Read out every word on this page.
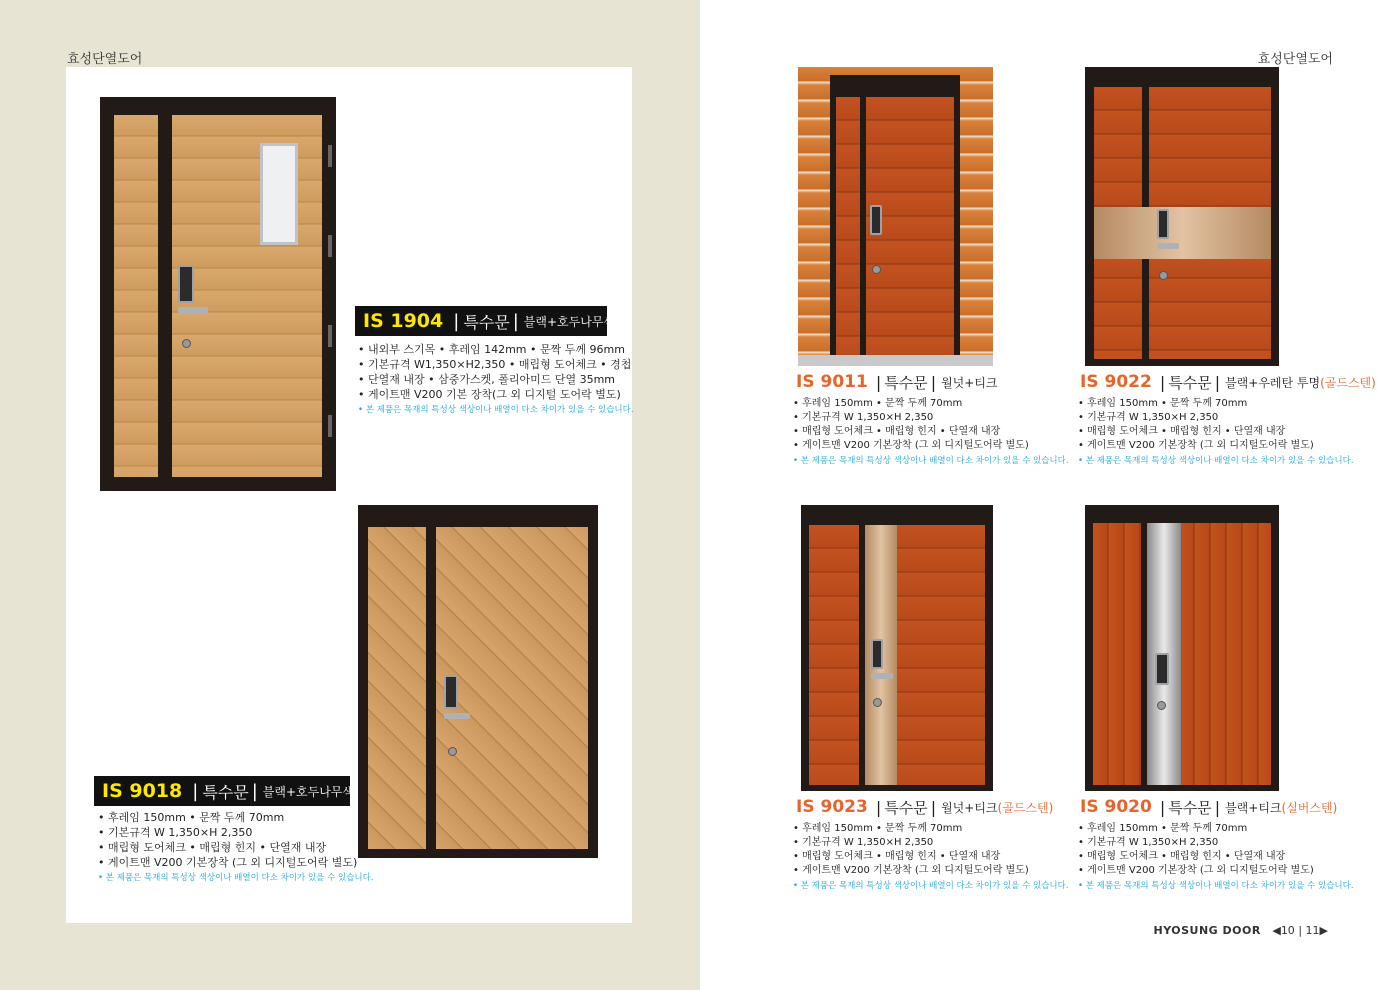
효성단열도어
IS 1904 | 특수문 | 블랙+호두나무색
• 내외부 스기목 • 후레임 142mm • 문짝 두께 96mm
• 기본규격 W1,350×H2,350 • 매립형 도어체크 • 경첩
• 단열재 내장 • 삼중가스켓, 폴리아미드 단열 35mm
• 게이트맨 V200 기본 장착(그 외 디지털 도어락 별도)
• 본 제품은 목재의 특성상 색상이나 배열이 다소 차이가 있을 수 있습니다.
IS 9018 | 특수문 | 블랙+호두나무색
• 후레임 150mm • 문짝 두께 70mm
• 기본규격 W 1,350×H 2,350
• 매립형 도어체크 • 매립형 힌지 • 단열재 내장
• 게이트맨 V200 기본장착 (그 외 디지털도어락 별도)
• 본 제품은 목재의 특성상 색상이나 배열이 다소 차이가 있을 수 있습니다.
효성단열도어
IS 9011 | 특수문 | 월넛+티크
• 후레임 150mm • 문짝 두께 70mm
• 기본규격 W 1,350×H 2,350
• 매립형 도어체크 • 매립형 힌지 • 단열재 내장
• 게이트맨 V200 기본장착 (그 외 디지털도어락 별도)
• 본 제품은 목재의 특성상 색상이나 배열이 다소 차이가 있을 수 있습니다.
IS 9022 | 특수문 | 블랙+우레탄 투명 (골드스텐)
• 후레임 150mm • 문짝 두께 70mm
• 기본규격 W 1,350×H 2,350
• 매립형 도어체크 • 매립형 힌지 • 단열재 내장
• 게이트맨 V200 기본장착 (그 외 디지털도어락 별도)
• 본 제품은 목재의 특성상 색상이나 배열이 다소 차이가 있을 수 있습니다.
IS 9023 | 특수문 | 월넛+티크 (골드스텐)
• 후레임 150mm • 문짝 두께 70mm
• 기본규격 W 1,350×H 2,350
• 매립형 도어체크 • 매립형 힌지 • 단열재 내장
• 게이트맨 V200 기본장착 (그 외 디지털도어락 별도)
• 본 제품은 목재의 특성상 색상이나 배열이 다소 차이가 있을 수 있습니다.
IS 9020 | 특수문 | 블랙+티크 (실버스텐)
• 후레임 150mm • 문짝 두께 70mm
• 기본규격 W 1,350×H 2,350
• 매립형 도어체크 • 매립형 힌지 • 단열재 내장
• 게이트맨 V200 기본장착 (그 외 디지털도어락 별도)
• 본 제품은 목재의 특성상 색상이나 배열이 다소 차이가 있을 수 있습니다.
HYOSUNG DOOR ◀10 | 11▶
